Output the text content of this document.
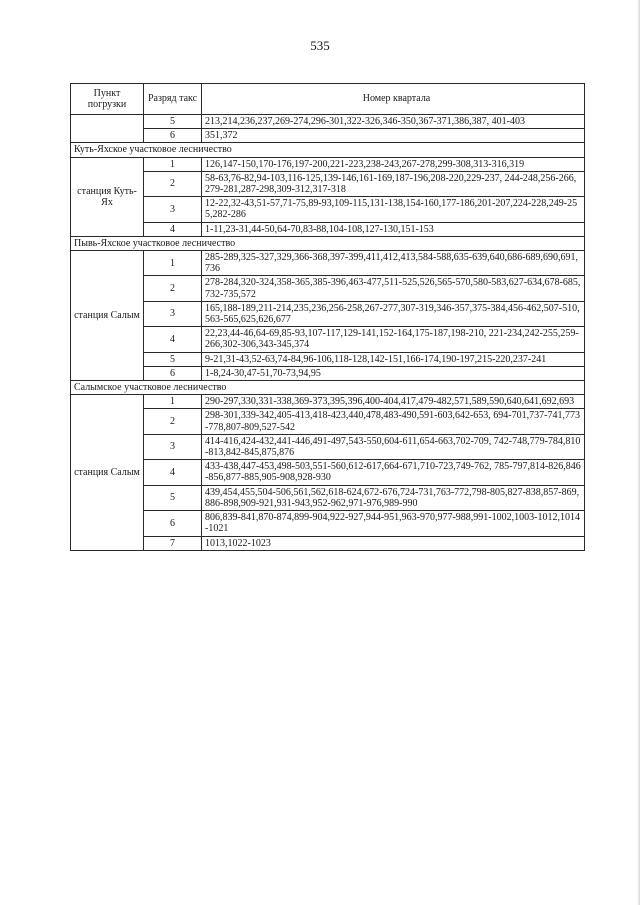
535
Пункт погрузки	Разряд такс	Номер квартала
	5	213,214,236,237,269-274,296-301,322-326,346-350,367-371,386,387, 401-403
	6	351,372
Куть-Яхское участковое лесничество		
станция Куть-Ях	1	126,147-150,170-176,197-200,221-223,238-243,267-278,299-308,313-316,319
	2	58-63,76-82,94-103,116-125,139-146,161-169,187-196,208-220,229-237, 244-248,256-266,279-281,287-298,309-312,317-318
	3	12-22,32-43,51-57,71-75,89-93,109-115,131-138,154-160,177-186,201-207,224-228,249-255,282-286
	4	1-11,23-31,44-50,64-70,83-88,104-108,127-130,151-153
Пывь-Яхское участковое лесничество		
станция Салым	1	285-289,325-327,329,366-368,397-399,411,412,413,584-588,635-639,640,686-689,690,691,736
	2	278-284,320-324,358-365,385-396,463-477,511-525,526,565-570,580-583,627-634,678-685,732-735,572
	3	165,188-189,211-214,235,236,256-258,267-277,307-319,346-357,375-384,456-462,507-510,563-565,625,626,677
	4	22,23,44-46,64-69,85-93,107-117,129-141,152-164,175-187,198-210, 221-234,242-255,259-266,302-306,343-345,374
	5	9-21,31-43,52-63,74-84,96-106,118-128,142-151,166-174,190-197,215-220,237-241
	6	1-8,24-30,47-51,70-73,94,95
Салымское участковое лесничество		
станция Салым	1	290-297,330,331-338,369-373,395,396,400-404,417,479-482,571,589,590,640,641,692,693
	2	298-301,339-342,405-413,418-423,440,478,483-490,591-603,642-653, 694-701,737-741,773-778,807-809,527-542
	3	414-416,424-432,441-446,491-497,543-550,604-611,654-663,702-709, 742-748,779-784,810-813,842-845,875,876
	4	433-438,447-453,498-503,551-560,612-617,664-671,710-723,749-762, 785-797,814-826,846-856,877-885,905-908,928-930
	5	439,454,455,504-506,561,562,618-624,672-676,724-731,763-772,798-805,827-838,857-869,886-898,909-921,931-943,952-962,971-976,989-990
	6	806,839-841,870-874,899-904,922-927,944-951,963-970,977-988,991-1002,1003-1012,1014-1021
	7	1013,1022-1023
